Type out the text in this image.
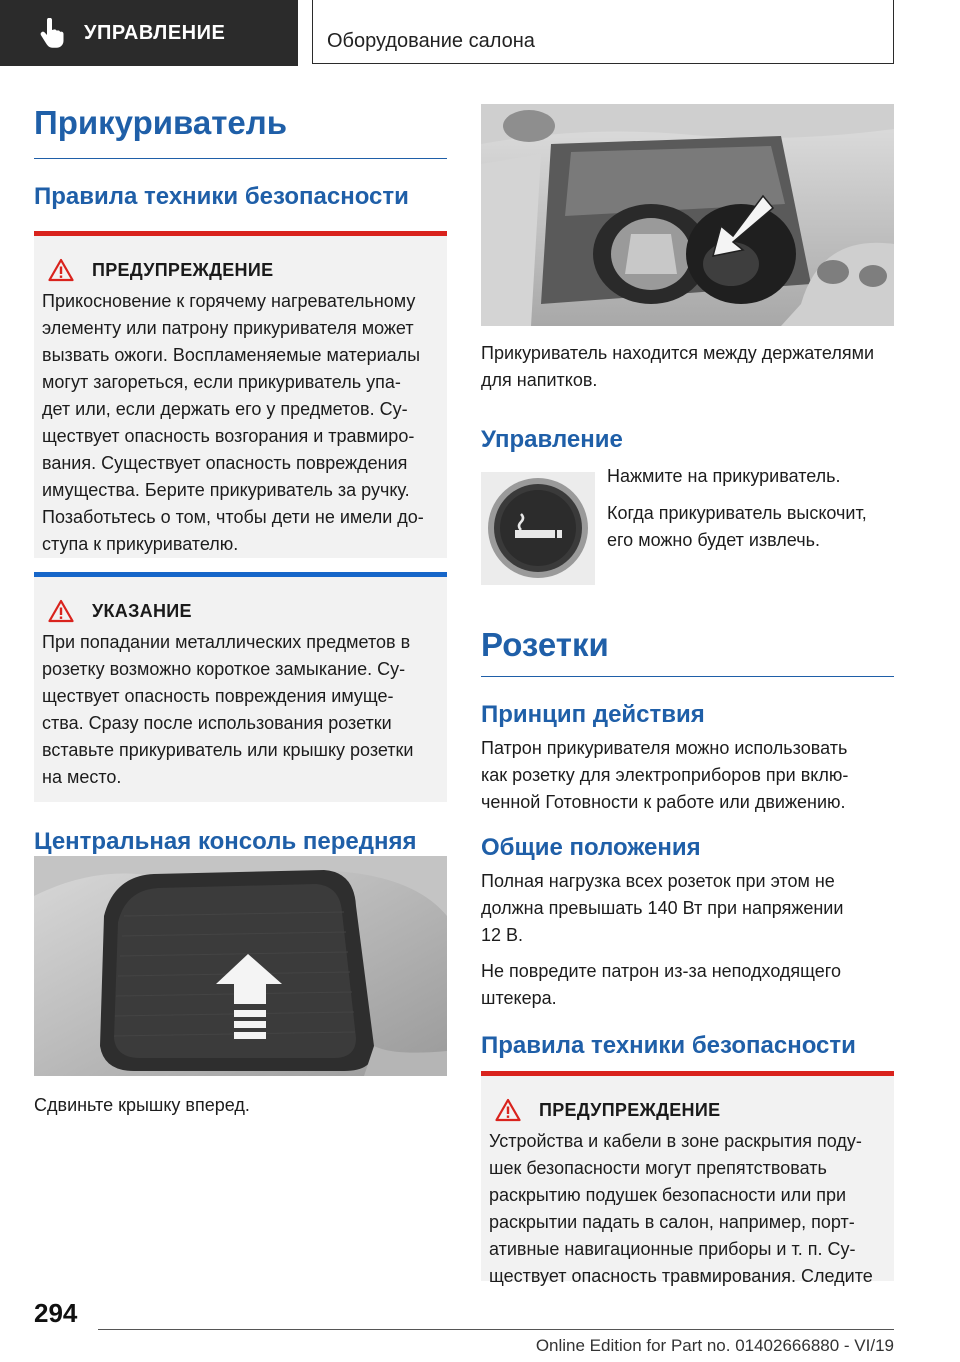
УПРАВЛЕНИЕ	Оборудование салона
Прикуриватель
Правила техники безопасности
ПРЕДУПРЕЖДЕНИЕ

Прикосновение к горячему нагревательному

элементу или патрону прикуривателя может

вызвать ожоги. Воспламеняемые материалы

могут загореться, если прикуриватель упа-

дет или, если держать его у предметов. Су-

ществует опасность возгорания и травмиро-

вания. Существует опасность повреждения

имущества. Берите прикуриватель за ручку.

Позаботьтесь о том, чтобы дети не имели до-

ступа к прикуривателю.

УКАЗАНИЕ

При попадании металлических предметов в

розетку возможно короткое замыкание. Су-

ществует опасность повреждения имуще-

ства. Сразу после использования розетки

вставьте прикуриватель или крышку розетки

на место.

Центральная консоль передняя

Сдвиньте крышку вперед.

Прикуриватель находится между держателями

для напитков.

Управление

Нажмите на прикуриватель.

Когда прикуриватель выскочит,

его можно будет извлечь.

Розетки
Принцип действия

Патрон прикуривателя можно использовать

как розетку для электроприборов при вклю-

ченной Готовности к работе или движению.

Общие положения

Полная нагрузка всех розеток при этом не

должна превышать 140 Вт при напряжении

12 В.

Не повредите патрон из-за неподходящего

штекера.

Правила техники безопасности
ПРЕДУПРЕЖДЕНИЕ

Устройства и кабели в зоне раскрытия поду-

шек безопасности могут препятствовать

раскрытию подушек безопасности или при

раскрытии падать в салон, например, порт-

ативные навигационные приборы и т. п. Су-

ществует опасность травмирования. Следите

294
Online Edition for Part no. 01402666880 - VI/19
